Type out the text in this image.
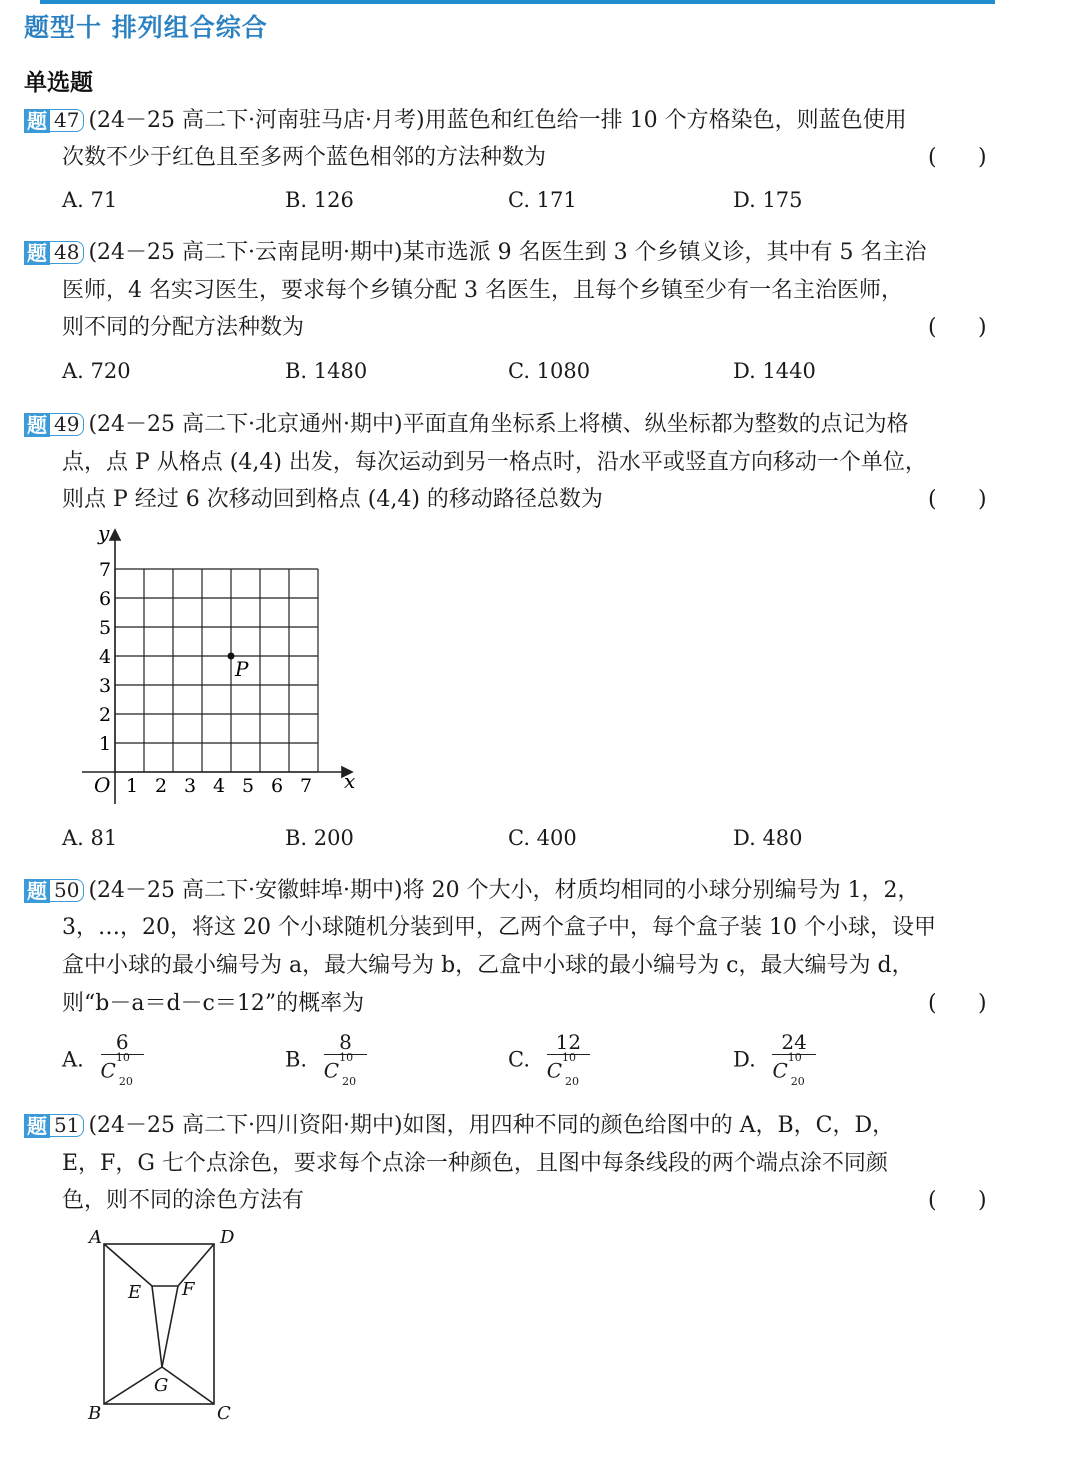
题型十 排列组合综合
单选题
题 47 (24－25 高二下·河南驻马店·月考)用蓝色和红色给一排 10 个方格染色，则蓝色使用
次数不少于红色且至多两个蓝色相邻的方法种数为	( )
A. 71	B. 126	C. 171	D. 175
题 48 (24－25 高二下·云南昆明·期中)某市选派 9 名医生到 3 个乡镇义诊，其中有 5 名主治
医师，4 名实习医生，要求每个乡镇分配 3 名医生，且每个乡镇至少有一名主治医师，
则不同的分配方法种数为	( )
A. 720	B. 1480	C. 1080	D. 1440
题 49 (24－25 高二下·北京通州·期中)平面直角坐标系上将横、纵坐标都为整数的点记为格
点，点 P 从格点 (4,4) 出发，每次运动到另一格点时，沿水平或竖直方向移动一个单位，
则点 P 经过 6 次移动回到格点 (4,4) 的移动路径总数为	( )
y
x
O
7
6
5
4
3
2
1
1 2 3 4 5 6 7
P
A. 81	B. 200	C. 400	D. 480
题 50 (24－25 高二下·安徽蚌埠·期中)将 20 个大小，材质均相同的小球分别编号为 1，2，
3，…，20，将这 20 个小球随机分装到甲，乙两个盒子中，每个盒子装 10 个小球，设甲
盒中小球的最小编号为 a，最大编号为 b，乙盒中小球的最小编号为 c，最大编号为 d，
则“b－a＝d－c＝12”的概率为	( )
A. $\frac{6}{C^{10}_{20}}$	B. $\frac{8}{C^{10}_{20}}$	C. $\frac{12}{C^{10}_{20}}$	D. $\frac{24}{C^{10}_{20}}$
题 51 (24－25 高二下·四川资阳·期中)如图，用四种不同的颜色给图中的 A，B，C，D，
E，F，G 七个点涂色，要求每个点涂一种颜色，且图中每条线段的两个端点涂不同颜
色，则不同的涂色方法有	( )
A	D
E F
G
B	C
